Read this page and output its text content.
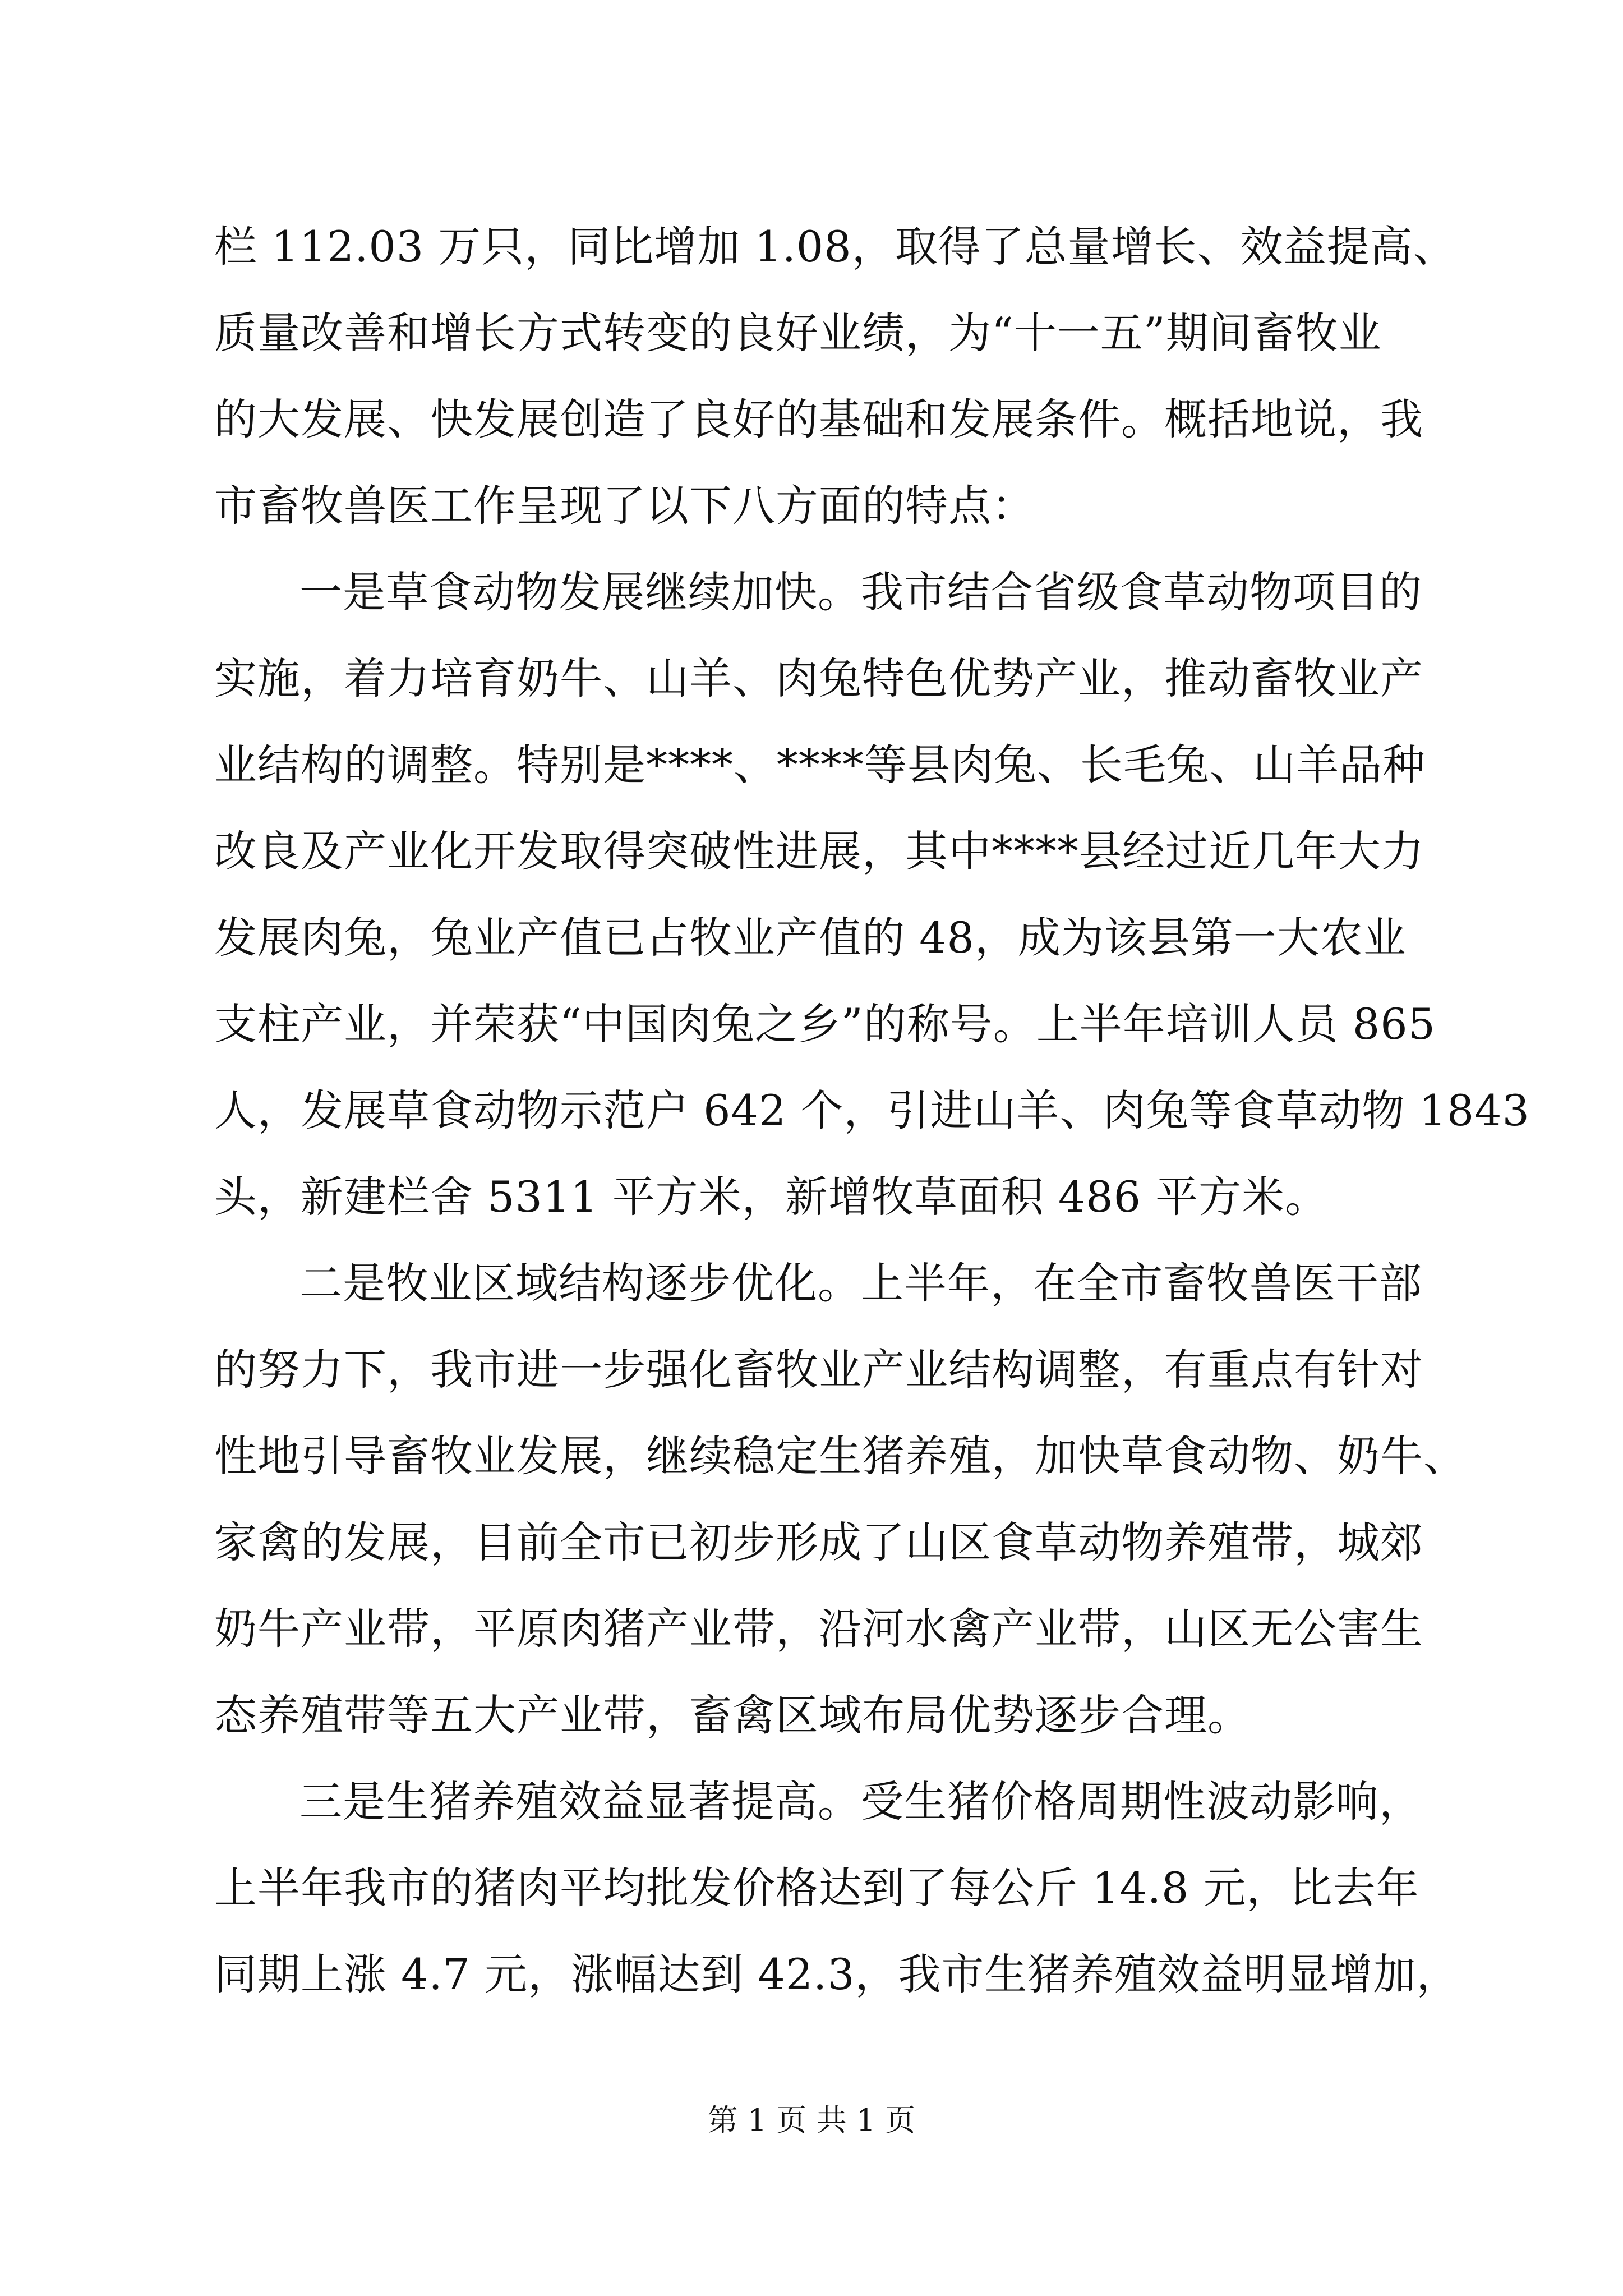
栏 112.03 万只，同比增加 1.08，取得了总量增长、效益提高、
质量改善和增长方式转变的良好业绩，为“十一五”期间畜牧业
的大发展、快发展创造了良好的基础和发展条件。概括地说，我
市畜牧兽医工作呈现了以下八方面的特点：
一是草食动物发展继续加快。我市结合省级食草动物项目的
实施，着力培育奶牛、山羊、肉兔特色优势产业，推动畜牧业产
业结构的调整。特别是****、****等县肉兔、长毛兔、山羊品种
改良及产业化开发取得突破性进展，其中****县经过近几年大力
发展肉兔，兔业产值已占牧业产值的 48，成为该县第一大农业
支柱产业，并荣获“中国肉兔之乡”的称号。上半年培训人员 865
人，发展草食动物示范户 642 个，引进山羊、肉兔等食草动物 1843
头，新建栏舍 5311 平方米，新增牧草面积 486 平方米。
二是牧业区域结构逐步优化。上半年，在全市畜牧兽医干部
的努力下，我市进一步强化畜牧业产业结构调整，有重点有针对
性地引导畜牧业发展，继续稳定生猪养殖，加快草食动物、奶牛、
家禽的发展，目前全市已初步形成了山区食草动物养殖带，城郊
奶牛产业带，平原肉猪产业带，沿河水禽产业带，山区无公害生
态养殖带等五大产业带，畜禽区域布局优势逐步合理。
三是生猪养殖效益显著提高。受生猪价格周期性波动影响，
上半年我市的猪肉平均批发价格达到了每公斤 14.8 元，比去年
同期上涨 4.7 元，涨幅达到 42.3，我市生猪养殖效益明显增加，
第 1 页 共 1 页
